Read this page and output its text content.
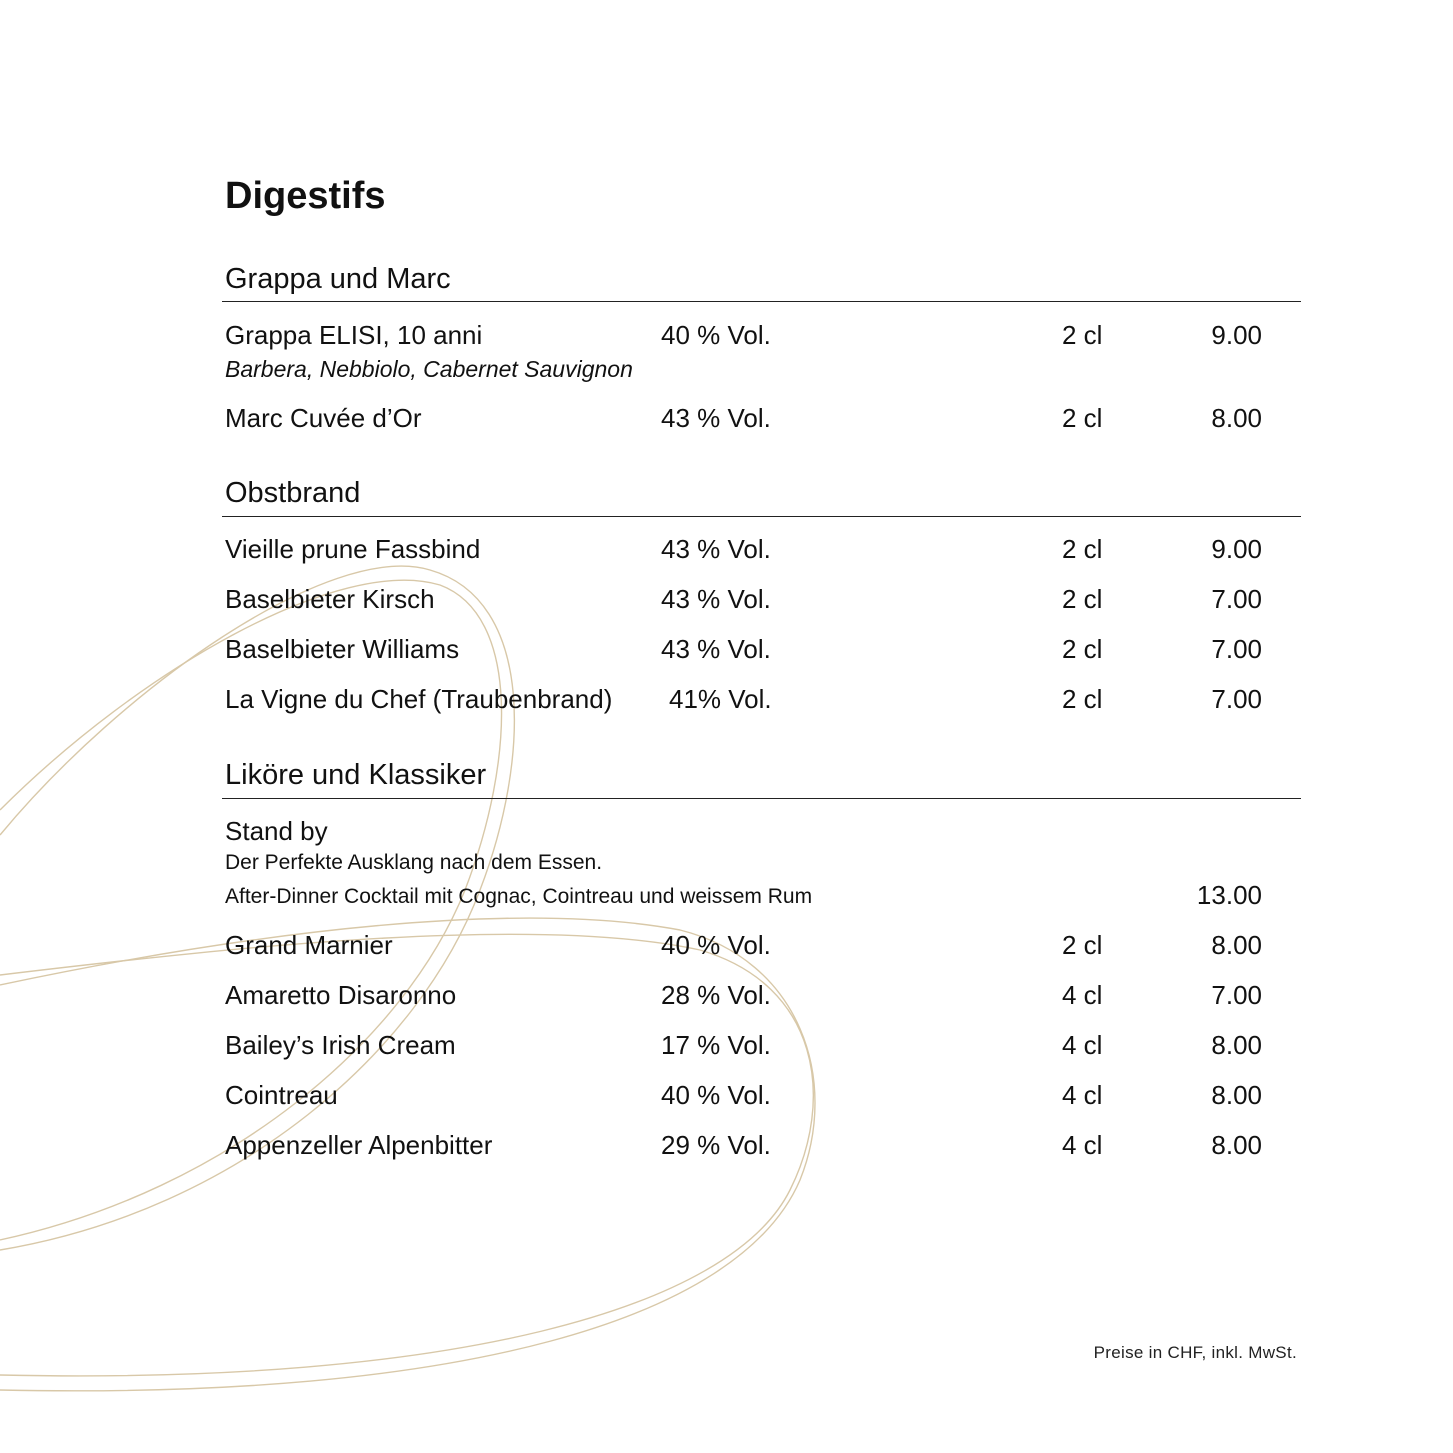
Digestifs
Grappa und Marc
Grappa ELISI, 10 anni	40 % Vol.	2 cl	9.00
Barbera, Nebbiolo, Cabernet Sauvignon
Marc Cuvée d’Or	43 % Vol.	2 cl	8.00
Obstbrand
Vieille prune Fassbind	43 % Vol.	2 cl	9.00
Baselbieter Kirsch	43 % Vol.	2 cl	7.00
Baselbieter Williams	43 % Vol.	2 cl	7.00
La Vigne du Chef (Traubenbrand) 41% Vol.	2 cl	7.00
Liköre und Klassiker
Stand by
Der Perfekte Ausklang nach dem Essen.
After-Dinner Cocktail mit Cognac, Cointreau und weissem Rum	13.00
Grand Marnier	40 % Vol.	2 cl	8.00
Amaretto Disaronno	28 % Vol.	4 cl	7.00
Bailey’s Irish Cream	17 % Vol.	4 cl	8.00
Cointreau	40 % Vol.	4 cl	8.00
Appenzeller Alpenbitter	29 % Vol.	4 cl	8.00
Preise in CHF, inkl. MwSt.
